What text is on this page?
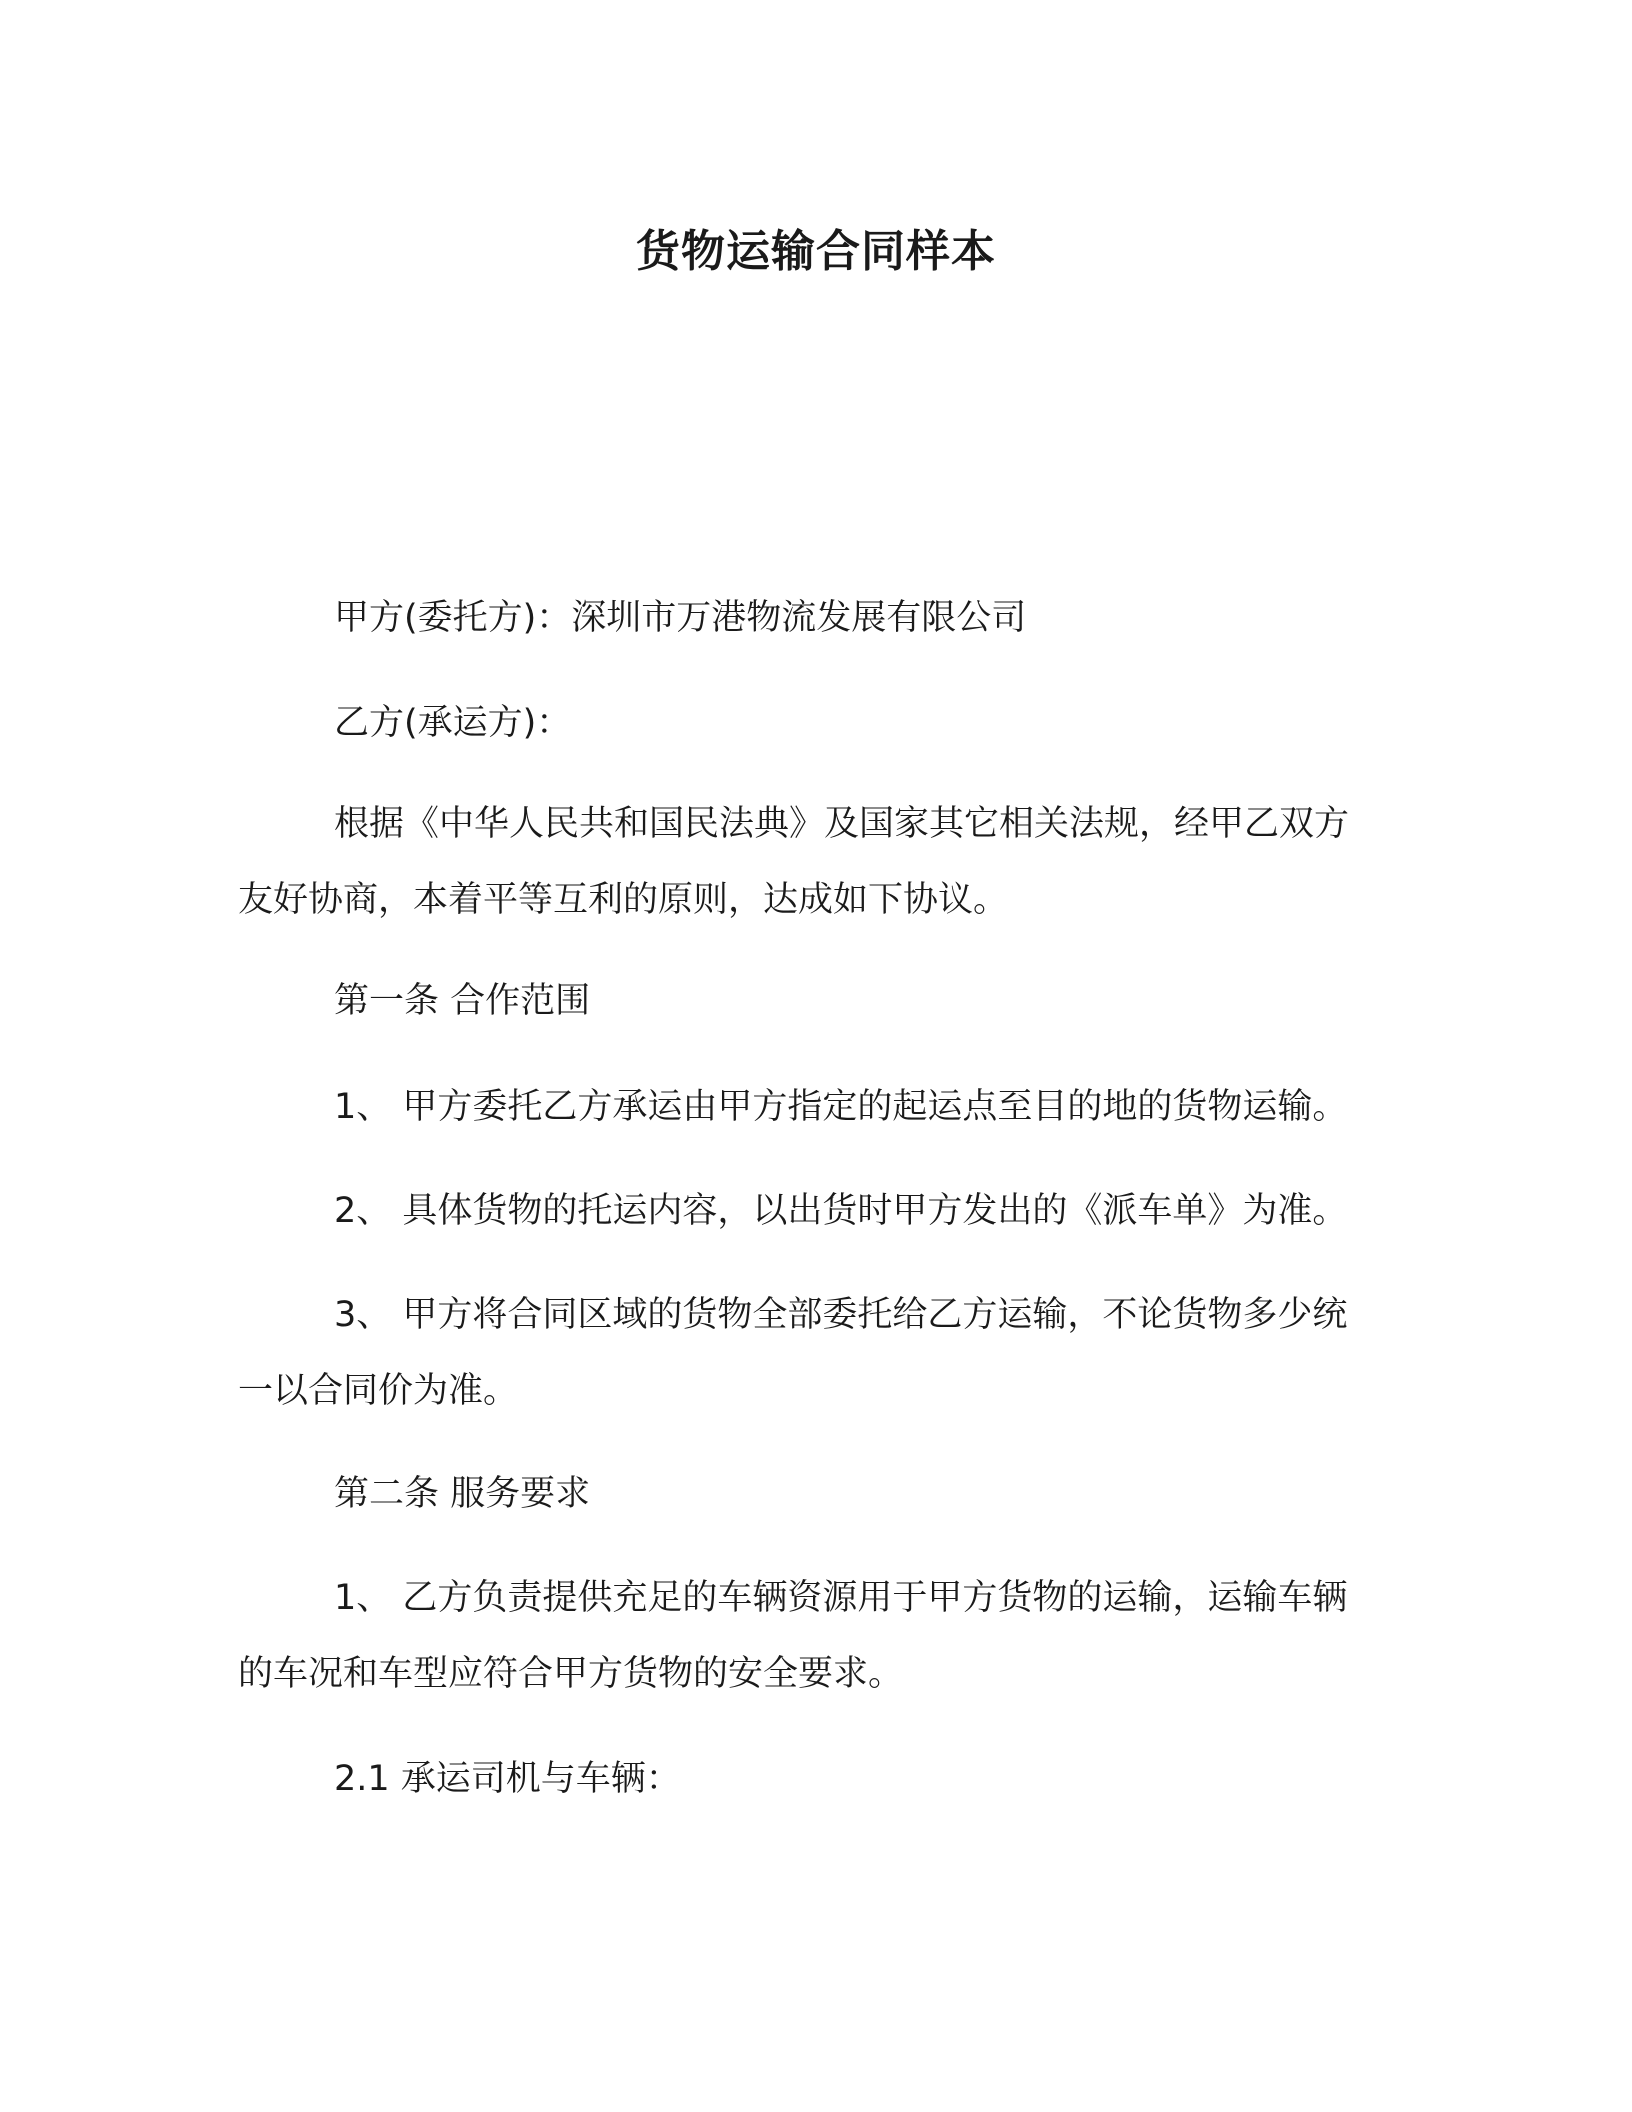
货物运输合同样本
甲方(委托方)：深圳市万港物流发展有限公司
乙方(承运方)：
根据《中华人民共和国民法典》及国家其它相关法规，经甲乙双方友好协商，本着平等互利的原则，达成如下协议。
第一条 合作范围
1、 甲方委托乙方承运由甲方指定的起运点至目的地的货物运输。
2、 具体货物的托运内容，以出货时甲方发出的《派车单》为准。
3、 甲方将合同区域的货物全部委托给乙方运输，不论货物多少统一以合同价为准。
第二条 服务要求
1、 乙方负责提供充足的车辆资源用于甲方货物的运输，运输车辆的车况和车型应符合甲方货物的安全要求。
2.1 承运司机与车辆：
